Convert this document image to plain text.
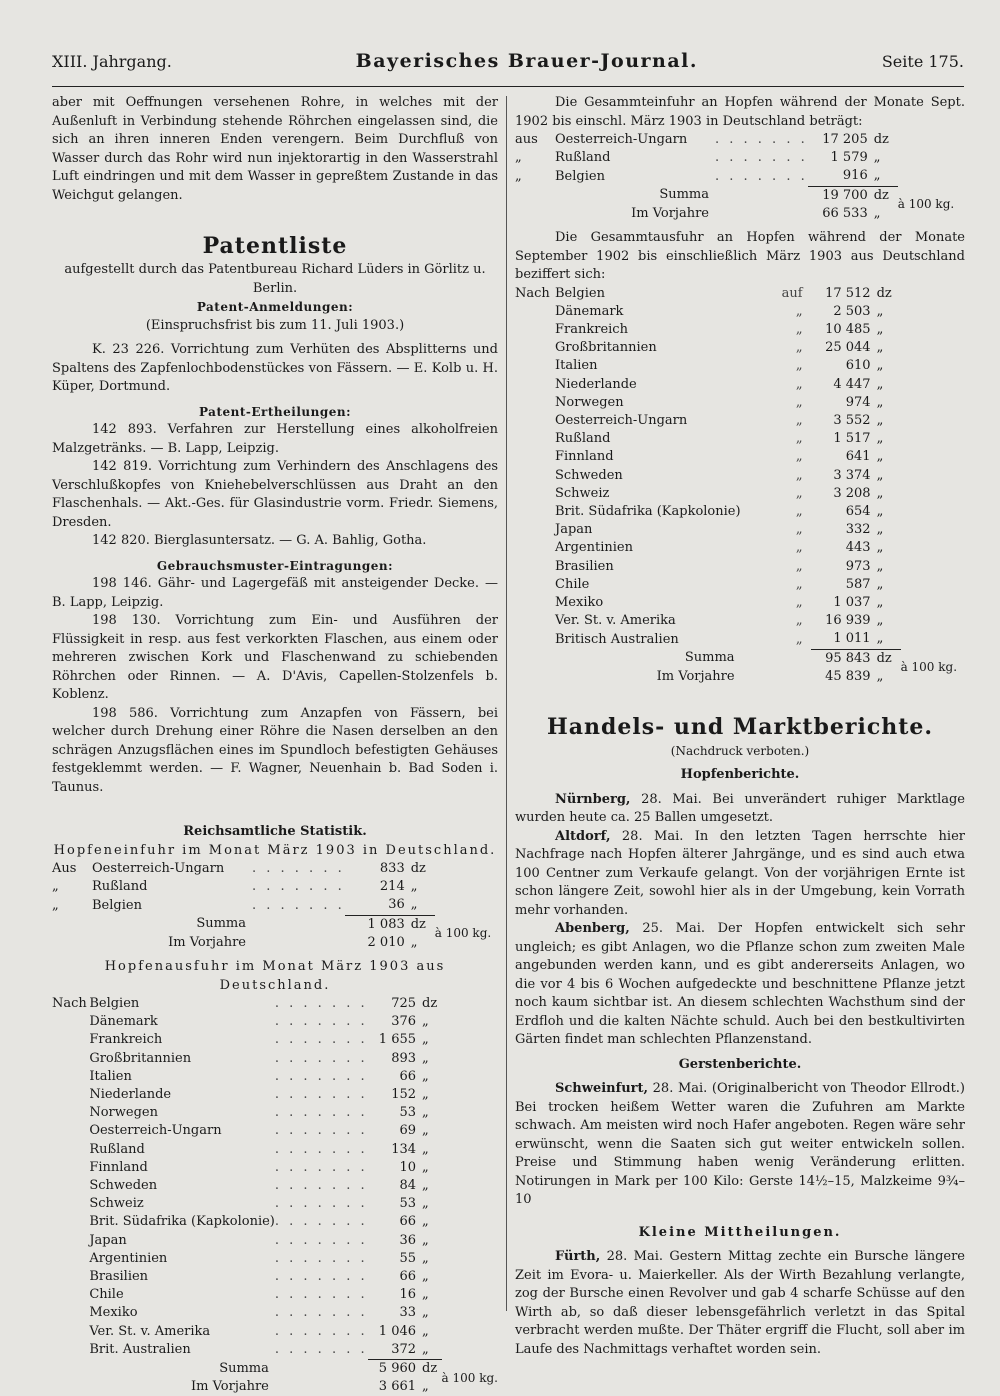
XIII. Jahrgang.	Bayerisches Brauer-Journal.	Seite 175.

aber mit Oeffnungen versehenen Rohre, in welches mit der Außenluft in Verbindung stehende Röhrchen eingelassen sind, die sich an ihren inneren Enden verengern. Beim Durchfluß von Wasser durch das Rohr wird nun injektorartig in den Wasserstrahl Luft eindringen und mit dem Wasser in gepreßtem Zustande in das Weichgut gelangen.

Patentliste

aufgestellt durch das Patentbureau Richard Lüders in Görlitz u. Berlin.

Patent-Anmeldungen:

(Einspruchsfrist bis zum 11. Juli 1903.)

K. 23 226. Vorrichtung zum Verhüten des Absplitterns und Spaltens des Zapfenlochbodenstückes von Fässern. — E. Kolb u. H. Küper, Dortmund.

Patent-Ertheilungen:

142 893. Verfahren zur Herstellung eines alkoholfreien Malzgetränks. — B. Lapp, Leipzig.

142 819. Vorrichtung zum Verhindern des Anschlagens des Verschlußkopfes von Kniehebelverschlüssen aus Draht an den Flaschenhals. — Akt.-Ges. für Glasindustrie vorm. Friedr. Siemens, Dresden.

142 820. Bierglasuntersatz. — G. A. Bahlig, Gotha.

Gebrauchsmuster-Eintragungen:

198 146. Gähr- und Lagergefäß mit ansteigender Decke. — B. Lapp, Leipzig.

198 130. Vorrichtung zum Ein- und Ausführen der Flüssigkeit in resp. aus fest verkorkten Flaschen, aus einem oder mehreren zwischen Kork und Flaschenwand zu schiebenden Röhrchen oder Rinnen. — A. D'Avis, Capellen-Stolzenfels b. Koblenz.

198 586. Vorrichtung zum Anzapfen von Fässern, bei welcher durch Drehung einer Röhre die Nasen derselben an den schrägen Anzugsflächen eines im Spundloch befestigten Gehäuses festgeklemmt werden. — F. Wagner, Neuenhain b. Bad Soden i. Taunus.

Reichsamtliche Statistik.
Hopfeneinfuhr im Monat März 1903 in Deutschland.
Aus	Oesterreich-Ungarn	. . . . . . .	833	dz	
„	Rußland	. . . . . . .	214	„	
„	Belgien	. . . . . . .	36	„	
Summa			1 083	dz	à 100 kg.
Im Vorjahre			2 010	„	
Hopfenausfuhr im Monat März 1903 aus Deutschland.
Nach	Belgien	. . . . . . .	725	dz	
	Dänemark	. . . . . . .	376	„	
	Frankreich	. . . . . . .	1 655	„	
	Großbritannien	. . . . . . .	893	„	
	Italien	. . . . . . .	66	„	
	Niederlande	. . . . . . .	152	„	
	Norwegen	. . . . . . .	53	„	
	Oesterreich-Ungarn	. . . . . . .	69	„	
	Rußland	. . . . . . .	134	„	
	Finnland	. . . . . . .	10	„	
	Schweden	. . . . . . .	84	„	
	Schweiz	. . . . . . .	53	„	
	Brit. Südafrika (Kapkolonie)	. . . . . . .	66	„	
	Japan	. . . . . . .	36	„	
	Argentinien	. . . . . . .	55	„	
	Brasilien	. . . . . . .	66	„	
	Chile	. . . . . . .	16	„	
	Mexiko	. . . . . . .	33	„	
	Ver. St. v. Amerika	. . . . . . .	1 046	„	
	Brit. Australien	. . . . . . .	372	„	
Summa			5 960	dz	à 100 kg.
Im Vorjahre			3 661	„	

Die Gesammteinfuhr an Hopfen während der Monate Sept. 1902 bis einschl. März 1903 in Deutschland beträgt:

aus	Oesterreich-Ungarn	. . . . . . .	17 205	dz	
„	Rußland	. . . . . . .	1 579	„	
„	Belgien	. . . . . . .	916	„	
Summa			19 700	dz	à 100 kg.
Im Vorjahre			66 533	„	

Die Gesammtausfuhr an Hopfen während der Monate September 1902 bis einschließlich März 1903 aus Deutschland beziffert sich:

Nach	Belgien	auf	17 512	dz	
	Dänemark	„	2 503	„	
	Frankreich	„	10 485	„	
	Großbritannien	„	25 044	„	
	Italien	„	610	„	
	Niederlande	„	4 447	„	
	Norwegen	„	974	„	
	Oesterreich-Ungarn	„	3 552	„	
	Rußland	„	1 517	„	
	Finnland	„	641	„	
	Schweden	„	3 374	„	
	Schweiz	„	3 208	„	
	Brit. Südafrika (Kapkolonie)	„	654	„	
	Japan	„	332	„	
	Argentinien	„	443	„	
	Brasilien	„	973	„	
	Chile	„	587	„	
	Mexiko	„	1 037	„	
	Ver. St. v. Amerika	„	16 939	„	
	Britisch Australien	„	1 011	„	
Summa			95 843	dz	à 100 kg.
Im Vorjahre			45 839	„	
Handels- und Marktberichte.

(Nachdruck verboten.)

Hopfenberichte.

Nürnberg, 28. Mai. Bei unverändert ruhiger Marktlage wurden heute ca. 25 Ballen umgesetzt.

Altdorf, 28. Mai. In den letzten Tagen herrschte hier Nachfrage nach Hopfen älterer Jahrgänge, und es sind auch etwa 100 Centner zum Verkaufe gelangt. Von der vorjährigen Ernte ist schon längere Zeit, sowohl hier als in der Umgebung, kein Vorrath mehr vorhanden.

Abenberg, 25. Mai. Der Hopfen entwickelt sich sehr ungleich; es gibt Anlagen, wo die Pflanze schon zum zweiten Male angebunden werden kann, und es gibt andererseits Anlagen, wo die vor 4 bis 6 Wochen aufgedeckte und beschnittene Pflanze jetzt noch kaum sichtbar ist. An diesem schlechten Wachsthum sind der Erdfloh und die kalten Nächte schuld. Auch bei den bestkultivirten Gärten findet man schlechten Pflanzenstand.

Gerstenberichte.

Schweinfurt, 28. Mai. (Originalbericht von Theodor Ellrodt.) Bei trocken heißem Wetter waren die Zufuhren am Markte schwach. Am meisten wird noch Hafer angeboten. Regen wäre sehr erwünscht, wenn die Saaten sich gut weiter entwickeln sollen. Preise und Stimmung haben wenig Veränderung erlitten. Notirungen in Mark per 100 Kilo: Gerste 14½–15, Malzkeime 9¾–10

Kleine Mittheilungen.

Fürth, 28. Mai. Gestern Mittag zechte ein Bursche längere Zeit im Evora- u. Maierkeller. Als der Wirth Bezahlung verlangte, zog der Bursche einen Revolver und gab 4 scharfe Schüsse auf den Wirth ab, so daß dieser lebensgefährlich verletzt in das Spital verbracht werden mußte. Der Thäter ergriff die Flucht, soll aber im Laufe des Nachmittags verhaftet worden sein.
